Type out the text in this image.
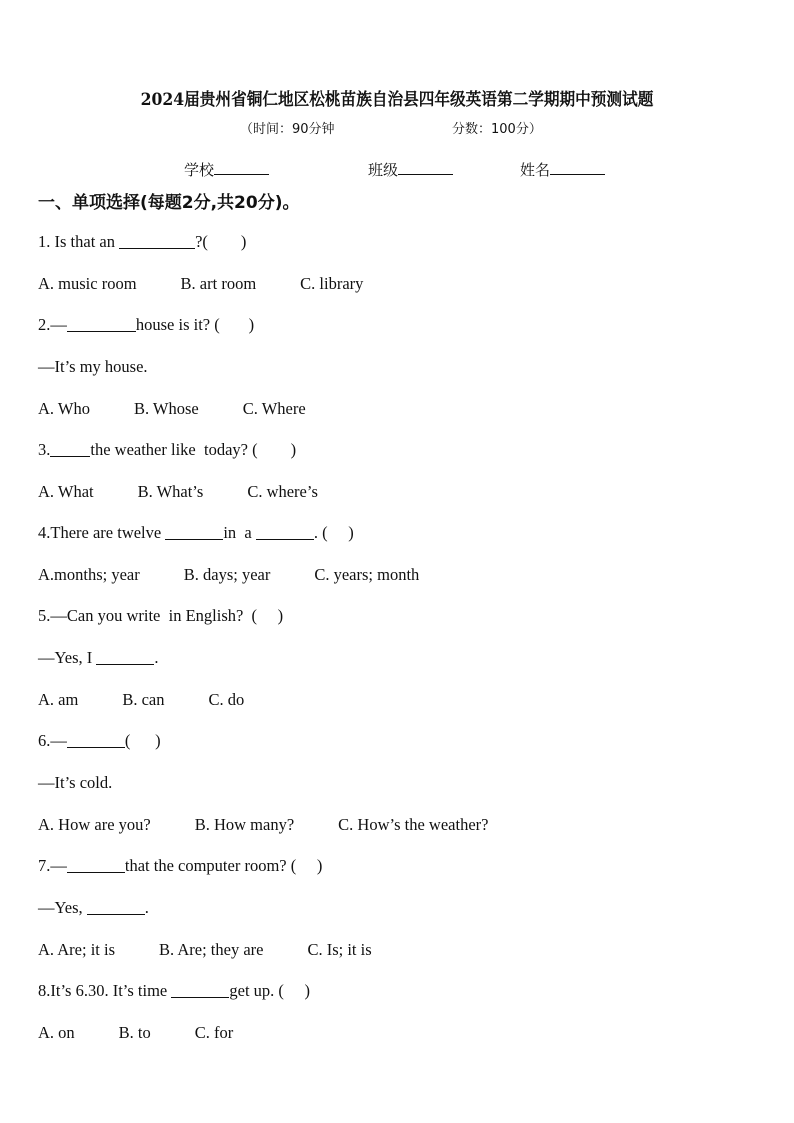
2024届贵州省铜仁地区松桃苗族自治县四年级英语第二学期期中预测试题
（时间：90分钟	分数：100分）
学校	班级	姓名
一、单项选择(每题2分,共20分)。
1. Is that an	?(        )
A. music room	B. art room	C. library
2.—	house is it? (       )
—It’s my house.
A. Who	B. Whose	C. Where
3. the weather like  today? (        )
A. What	B. What’s	C. where’s
4.There are twelve	in  a	. (     )
A.months; year	B. days; year	C. years; month
5.—Can you write  in English?  (     )
—Yes, I	.
A. am	B. can	C. do
6.—	(      )
—It’s cold.
A. How are you?	B. How many?	C. How’s the weather?
7.—	that the computer room? (     )
—Yes,	.
A. Are; it is	B. Are; they are	C. Is; it is
8.It’s 6.30. It’s time	get up. (     )
A. on	B. to	C. for
